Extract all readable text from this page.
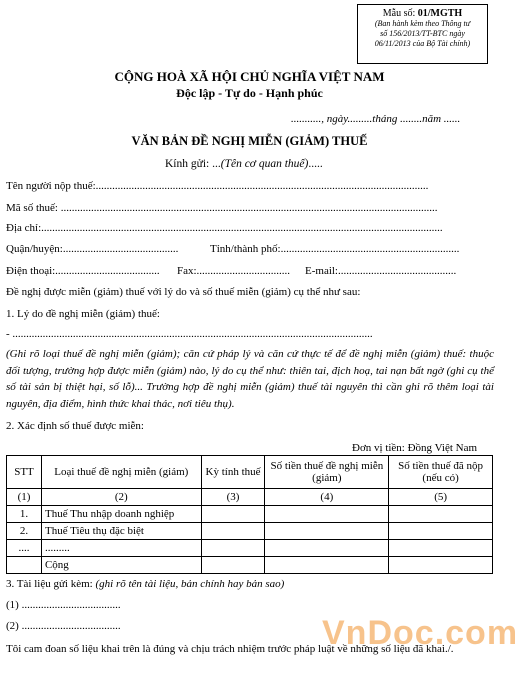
Mẫu số: 01/MGTH
(Ban hành kèm theo Thông tư
số 156/2013/TT-BTC ngày
06/11/2013 của Bộ Tài chính)
CỘNG HOÀ XÃ HỘI CHỦ NGHĨA VIỆT NAM
Độc lập - Tự do - Hạnh phúc
..........., ngày.........tháng ........năm ......
VĂN BẢN ĐỀ NGHỊ MIỄN (GIẢM) THUẾ
Kính gửi: ...(Tên cơ quan thuế).....
Tên người nộp thuế:.........................................................................................................................
Mã số thuế: .........................................................................................................................................
Địa chỉ:..................................................................................................................................................
Quận/huyện:..........................................	Tỉnh/thành phố:.................................................................
Điện thoại:...................................... Fax:.................................. E-mail:...........................................
Đề nghị được miễn (giảm) thuế với lý do và số thuế miễn (giảm) cụ thể như sau:
1. Lý do đề nghị miễn (giảm) thuế:
- ...................................................................................................................................
(Ghi rõ loại thuế đề nghị miễn (giảm); căn cứ pháp lý và căn cứ thực tế để đề nghị miễn (giảm) thuế: thuộc đối tượng, trường hợp được miễn (giảm) nào, lý do cụ thể như: thiên tai, địch hoạ, tai nạn bất ngờ (ghi cụ thể số tài sản bị thiệt hại, số lỗ)... Trường hợp đề nghị miễn (giảm) thuế tài nguyên thì cần ghi rõ thêm loại tài nguyên, địa điểm, hình thức khai thác, nơi tiêu thụ).
2. Xác định số thuế được miễn:
Đơn vị tiền: Đồng Việt Nam
STT	Loại thuế đề nghị miễn (giảm)	Kỳ tính thuế	Số tiền thuế đề nghị miễn (giảm)	Số tiền thuế đã nộp (nếu có)
(1)	(2)	(3)	(4)	(5)
1.	Thuế Thu nhập doanh nghiệp			
2.	Thuế Tiêu thụ đặc biệt			
....	.........			
	Cộng			
3. Tài liệu gửi kèm: (ghi rõ tên tài liệu, bản chính hay bản sao)
(1) ....................................
(2) ....................................
Tôi cam đoan số liệu khai trên là đúng và chịu trách nhiệm trước pháp luật về những số liệu đã khai./.
VnDoc.com
